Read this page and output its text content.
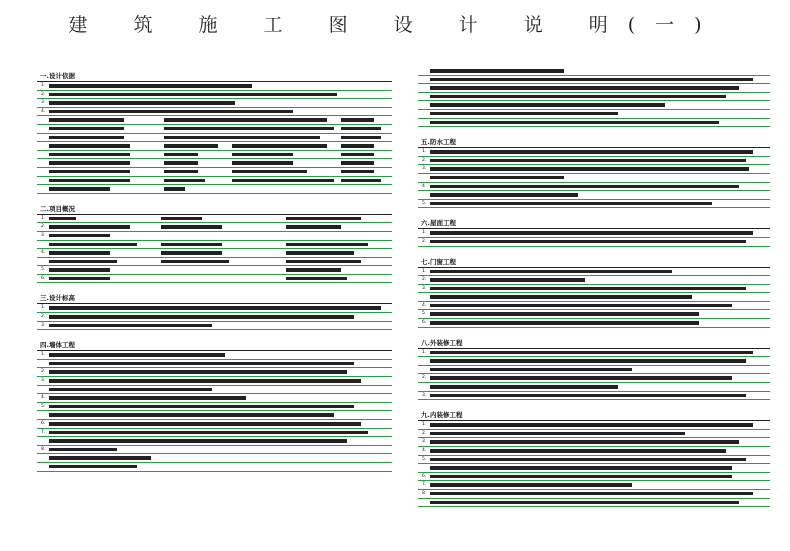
建 筑 施 工 图 设 计 说 明(一)
一.设计依据
1.
2.
3.
4.
二.项目概况
1.
2.
3.
4.
5.
6.
三.设计标高
1.
2.
3.
四.墙体工程
1.
2.
3.
4.
5.
6.
7.
8.
五.防水工程
1.
2.
3.
4.
5.
六.屋面工程
1.
2.
七.门窗工程
1.
2.
3.
4.
5.
6.
八.外装修工程
1.
2.
3.
九.内装修工程
1.
2.
3.
4.
5.
6.
7.
8.
